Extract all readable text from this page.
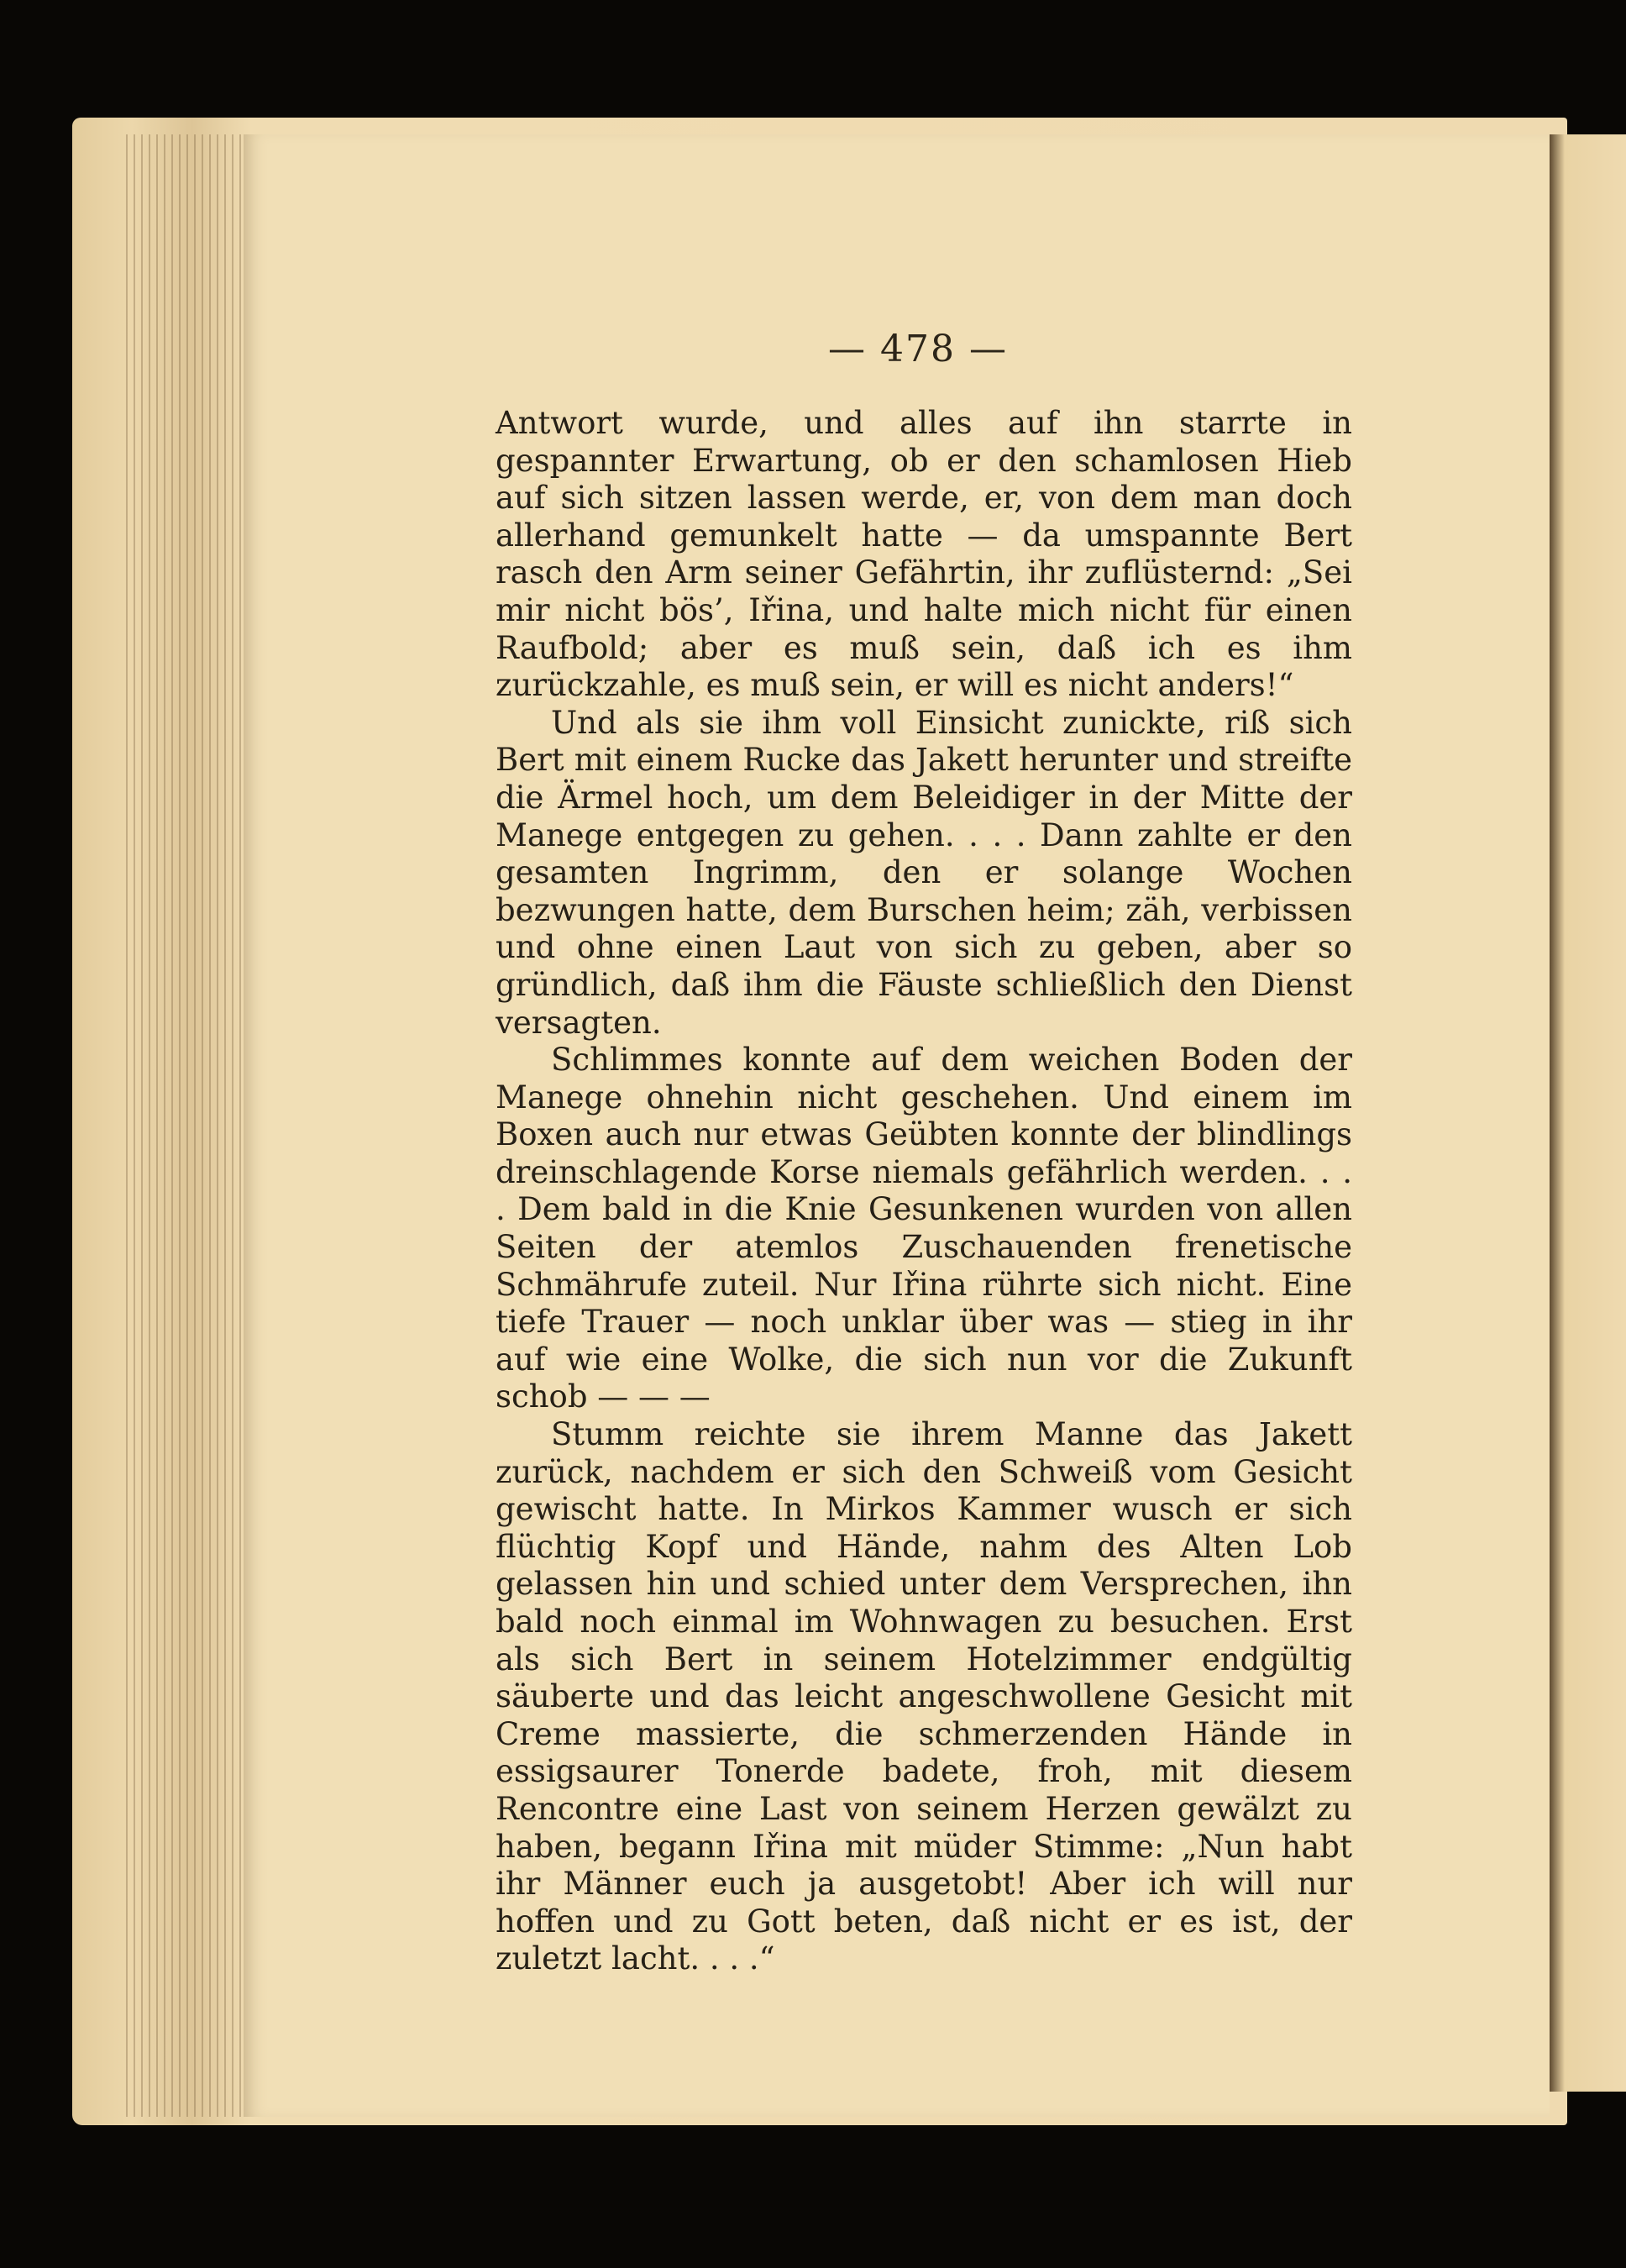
— 478 —

Antwort wurde, und alles auf ihn starrte in gespannter Erwartung, ob er den schamlosen Hieb auf sich sitzen lassen werde, er, von dem man doch allerhand gemunkelt hatte — da umspannte Bert rasch den Arm seiner Gefährtin, ihr zuflüsternd: „Sei mir nicht bös’, Iřina, und halte mich nicht für einen Raufbold; aber es muß sein, daß ich es ihm zurückzahle, es muß sein, er will es nicht anders!“

Und als sie ihm voll Einsicht zunickte, riß sich Bert mit einem Rucke das Jakett herunter und streifte die Ärmel hoch, um dem Beleidiger in der Mitte der Manege entgegen zu gehen. . . . Dann zahlte er den gesamten Ingrimm, den er solange Wochen bezwungen hatte, dem Burschen heim; zäh, verbissen und ohne einen Laut von sich zu geben, aber so gründlich, daß ihm die Fäuste schließlich den Dienst versagten.

Schlimmes konnte auf dem weichen Boden der Manege ohnehin nicht geschehen. Und einem im Boxen auch nur etwas Geübten konnte der blindlings dreinschlagende Korse niemals gefährlich werden. . . . Dem bald in die Knie Gesunkenen wurden von allen Seiten der atemlos Zuschauenden frenetische Schmährufe zuteil. Nur Iřina rührte sich nicht. Eine tiefe Trauer — noch unklar über was — stieg in ihr auf wie eine Wolke, die sich nun vor die Zukunft schob — — —

Stumm reichte sie ihrem Manne das Jakett zurück, nachdem er sich den Schweiß vom Gesicht gewischt hatte. In Mirkos Kammer wusch er sich flüchtig Kopf und Hände, nahm des Alten Lob gelassen hin und schied unter dem Versprechen, ihn bald noch einmal im Wohnwagen zu besuchen. Erst als sich Bert in seinem Hotelzimmer endgültig säuberte und das leicht angeschwollene Gesicht mit Creme massierte, die schmerzenden Hände in essigsaurer Tonerde badete, froh, mit diesem Rencontre eine Last von seinem Herzen gewälzt zu haben, begann Iřina mit müder Stimme: „Nun habt ihr Männer euch ja ausgetobt! Aber ich will nur hoffen und zu Gott beten, daß nicht er es ist, der zuletzt lacht. . . .“
